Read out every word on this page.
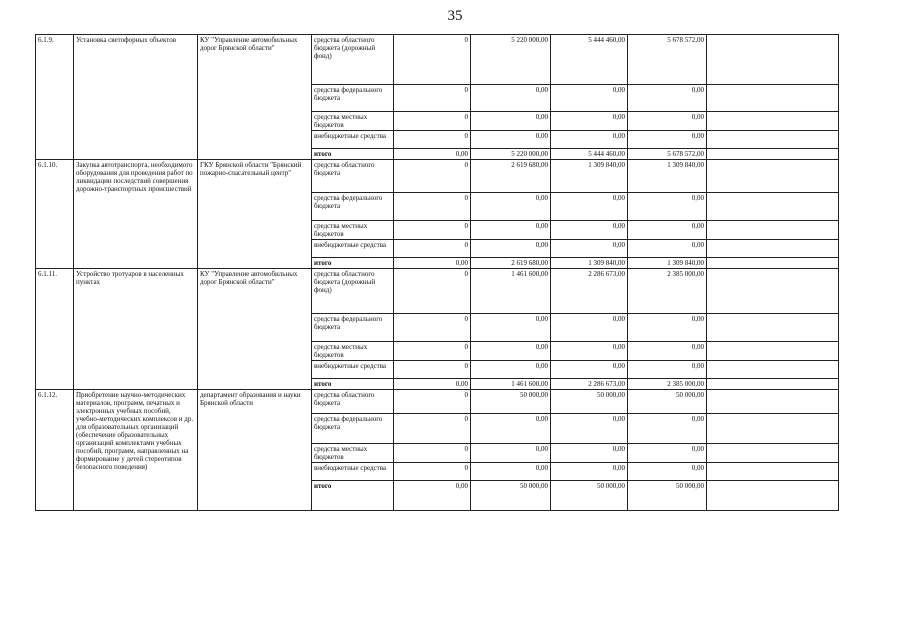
35
6.1.9.	Установка светофорных объектов	КУ "Управление автомобильных дорог Брянской области"	средства областного бюджета (дорожный фонд)	0	5 220 000,00	5 444 460,00	5 678 572,00	
			средства федерального бюджета	0	0,00	0,00	0,00	
			средства местных бюджетов	0	0,00	0,00	0,00	
			внебюджетные средства	0	0,00	0,00	0,00	
			итого	0,00	5 220 000,00	5 444 460,00	5 678 572,00	
6.1.10.	Закупка автотранспорта, необходимого оборудования для проведения работ по ликвидации последствий совершения дорожно-транспортных происшествий	ГКУ Брянской области "Брянский пожарно-спасательный центр"	средства областного бюджета	0	2 619 680,00	1 309 840,00	1 309 840,00	
			средства федерального бюджета	0	0,00	0,00	0,00	
			средства местных бюджетов	0	0,00	0,00	0,00	
			внебюджетные средства	0	0,00	0,00	0,00	
			итого	0,00	2 619 680,00	1 309 840,00	1 309 840,00	
6.1.11.	Устройство тротуаров в населенных пунктах	КУ "Управление автомобильных дорог Брянской области"	средства областного бюджета (дорожный фонд)	0	1 461 600,00	2 286 673,00	2 385 000,00	
			средства федерального бюджета	0	0,00	0,00	0,00	
			средства местных бюджетов	0	0,00	0,00	0,00	
			внебюджетные средства	0	0,00	0,00	0,00	
			итого	0,00	1 461 600,00	2 286 673,00	2 385 000,00	
6.1.12.	Приобретение научно-методических материалов, программ, печатных и электронных учебных пособий, учебно-методических комплексов и др. для образовательных организаций (обеспечение образовательных организаций комплектами учебных пособий, программ, направленных на формирование у детей стереотипов безопасного поведения)	департамент образования и науки Брянской области	средства областного бюджета	0	50 000,00	50 000,00	50 000,00	
			средства федерального бюджета	0	0,00	0,00	0,00	
			средства местных бюджетов	0	0,00	0,00	0,00	
			внебюджетные средства	0	0,00	0,00	0,00	
			итого	0,00	50 000,00	50 000,00	50 000,00	
